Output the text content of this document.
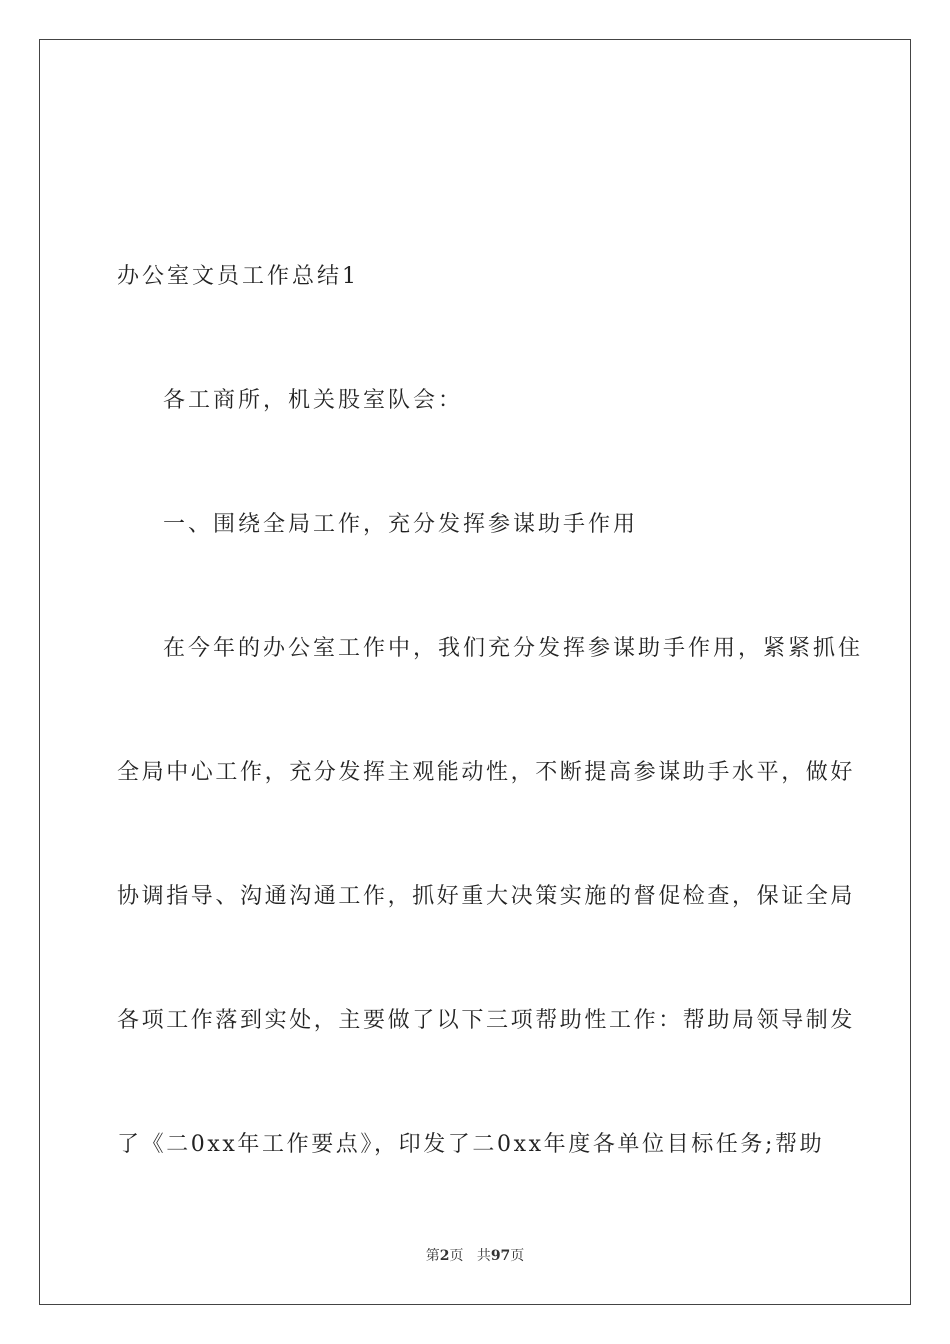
办公室文员工作总结1
各工商所，机关股室队会：
一、围绕全局工作，充分发挥参谋助手作用
在今年的办公室工作中，我们充分发挥参谋助手作用，紧紧抓住
全局中心工作，充分发挥主观能动性，不断提高参谋助手水平，做好
协调指导、沟通沟通工作，抓好重大决策实施的督促检查，保证全局
各项工作落到实处，主要做了以下三项帮助性工作：帮助局领导制发
了《二0xx年工作要点》，印发了二0xx年度各单位目标任务;帮助
第2页 共97页
